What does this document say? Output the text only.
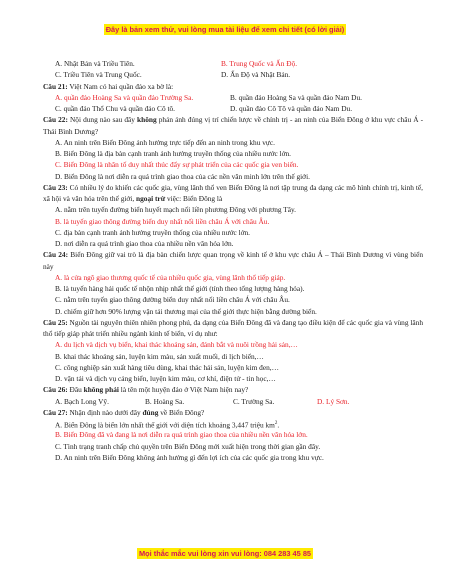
Đây là bản xem thử, vui lòng mua tài liệu để xem chi tiết (có lời giải)
A. Nhật Bản và Triều Tiên.	B. Trung Quốc và Ấn Độ.
C. Triều Tiên và Trung Quốc.	D. Ấn Độ và Nhật Bản.
Câu 21: Việt Nam có hai quần đảo xa bờ là:
A. quần đảo Hoàng Sa và quần đảo Trường Sa.	B. quần đảo Hoàng Sa và quần đảo Nam Du.
C. quần đảo Thổ Chu và quần đảo Cô tô.	D. quần đảo Cô Tô và quần đảo Nam Du.
Câu 22: Nội dung nào sau đây không phản ánh đúng vị trí chiến lược về chính trị - an ninh của Biển Đông ở khu vực châu Á - Thái Bình Dương?
A. An ninh trên Biển Đông ảnh hưởng trực tiếp đến an ninh trong khu vực.
B. Biển Đông là địa bàn cạnh tranh ảnh hưởng truyền thống của nhiều nước lớn.
C. Biển Đông là nhân tố duy nhất thúc đẩy sự phát triển của các quốc gia ven biển.
D. Biển Đông là nơi diễn ra quá trình giao thoa của các nền văn minh lớn trên thế giới.
Câu 23: Có nhiều lý do khiến các quốc gia, vùng lãnh thổ ven Biển Đông là nơi tập trung đa dạng các mô hình chính trị, kinh tế, xã hội và văn hóa trên thế giới, ngoại trừ việc: Biển Đông là
A. nằm trên tuyến đường biển huyết mạch nối liền phương Đông với phương Tây.
B. là tuyến giao thông đường biển duy nhất nối liền châu Á với châu Âu.
C. địa bàn cạnh tranh ảnh hưởng truyền thống của nhiều nước lớn.
D. nơi diễn ra quá trình giao thoa của nhiều nền văn hóa lớn.
Câu 24: Biển Đông giữ vai trò là địa bàn chiến lược quan trọng về kinh tế ở khu vực châu Á – Thái Bình Dương vì vùng biển này
A. là cửa ngõ giao thương quốc tế của nhiều quốc gia, vùng lãnh thổ tiếp giáp.
B. là tuyến hàng hải quốc tế nhộn nhịp nhất thế giới (tính theo tổng lượng hàng hóa).
C. nằm trên tuyến giao thông đường biển duy nhất nối liền châu Á với châu Âu.
D. chiếm giữ hơn 90% lượng vận tải thương mại của thế giới thực hiện bằng đường biển.
Câu 25: Nguồn tài nguyên thiên nhiên phong phú, đa dạng của Biển Đông đã và đang tạo điều kiện để các quốc gia và vùng lãnh thổ tiếp giáp phát triển nhiều ngành kinh tế biển, ví dụ như:
A. du lịch và dịch vụ biển, khai thác khoáng sản, đánh bắt và nuôi trồng hải sản,…
B. khai thác khoáng sản, luyện kim màu, sản xuất muối, di lịch biển,…
C. công nghiệp sản xuất hàng tiêu dùng, khai thác hải sản, luyện kim đen,…
D. vận tải và dịch vụ cảng biển, luyện kim màu, cơ khí, điện tử - tin học,…
Câu 26: Đâu không phải là tên một huyện đảo ở Việt Nam hiện nay?
A. Bạch Long Vỹ.	B. Hoàng Sa.	C. Trường Sa.	D. Lý Sơn.
Câu 27: Nhận định nào dưới đây đúng về Biển Đông?
A. Biển Đông là biển lớn nhất thế giới với diện tích khoảng 3,447 triệu $km^2$.
B. Biển Đông đã và đang là nơi diễn ra quá trình giao thoa của nhiều nền văn hóa lớn.
C. Tình trạng tranh chấp chủ quyền trên Biển Đông mới xuất hiện trong thời gian gần đây.
D. An ninh trên Biển Đông không ảnh hưởng gì đến lợi ích của các quốc gia trong khu vực.
Mọi thắc mắc vui lòng xin vui lòng: 084 283 45 85
